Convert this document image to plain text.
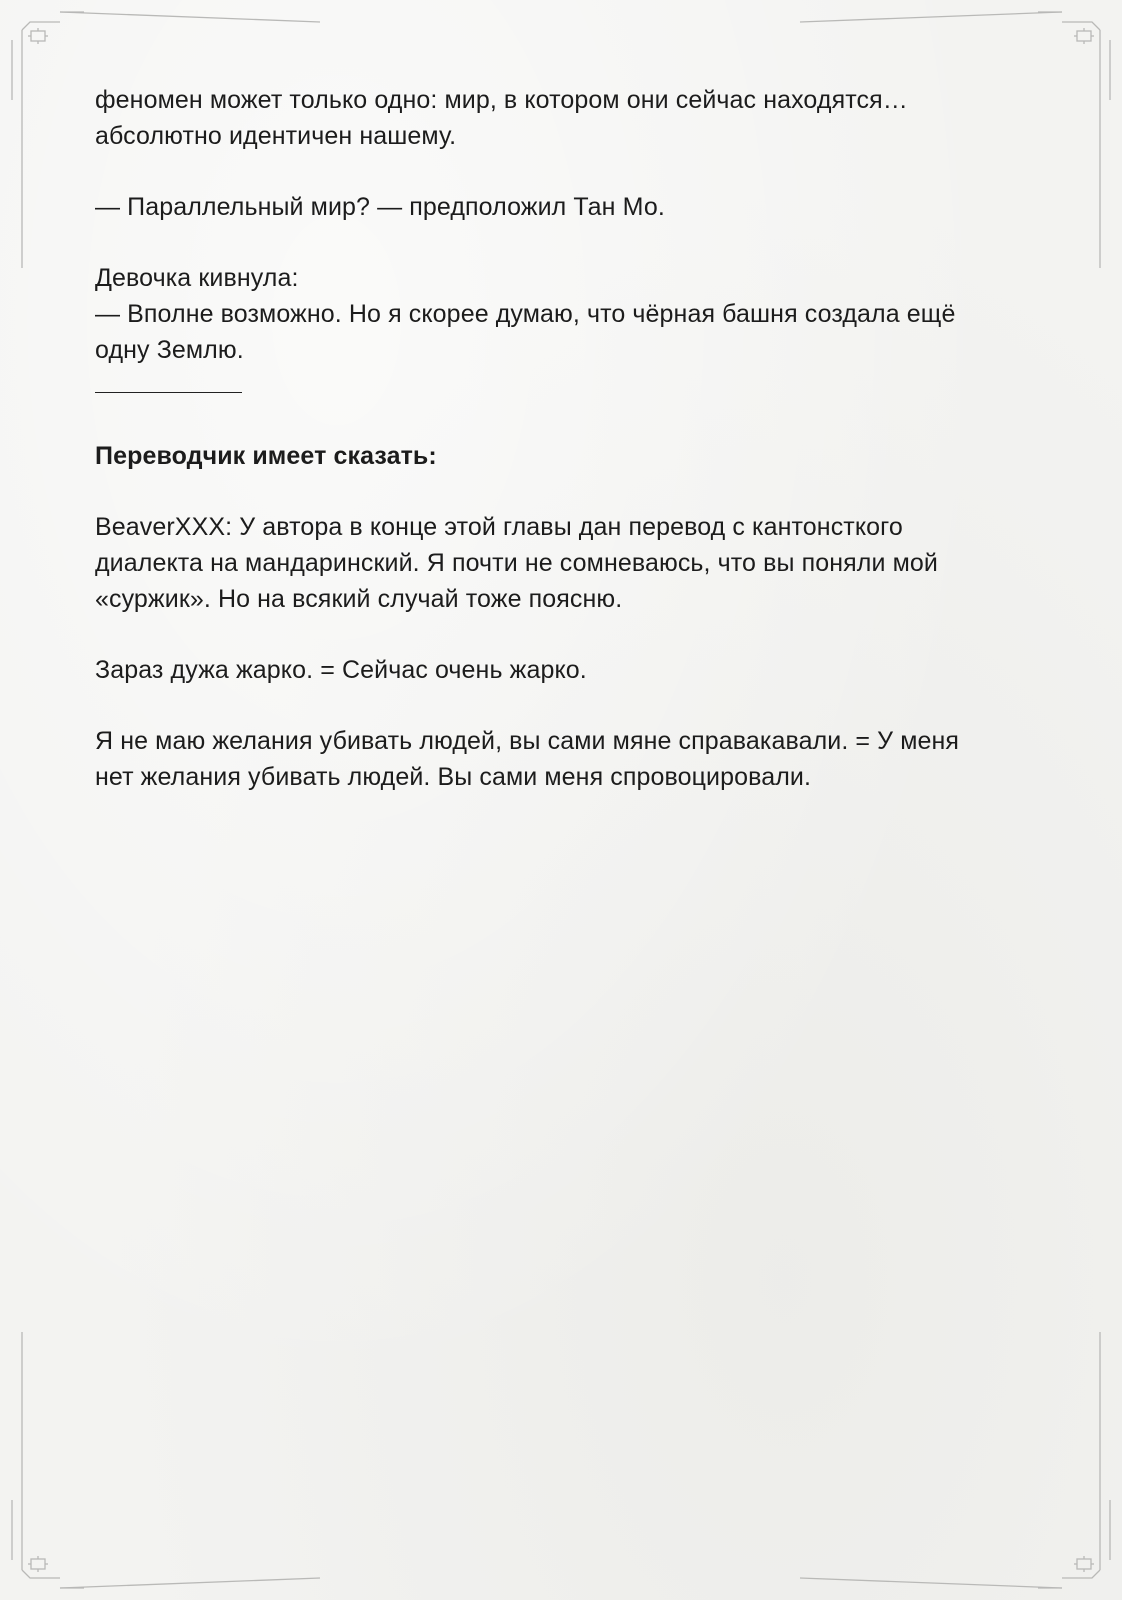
феномен может только одно: мир, в котором они сейчас находятся…

абсолютно идентичен нашему.

— Параллельный мир? — предположил Тан Мо.

Девочка кивнула:

— Вполне возможно. Но я скорее думаю, что чёрная башня создала ещё

одну Землю.

Переводчик имеет сказать:

BeaverXXX: У автора в конце этой главы дан перевод с кантонсткого

диалекта на мандаринский. Я почти не сомневаюсь, что вы поняли мой

«суржик». Но на всякий случай тоже поясню.

Зараз дужа жарко. = Сейчас очень жарко.

Я не маю желания убивать людей, вы сами мяне справакавали. = У меня

нет желания убивать людей. Вы сами меня спровоцировали.
